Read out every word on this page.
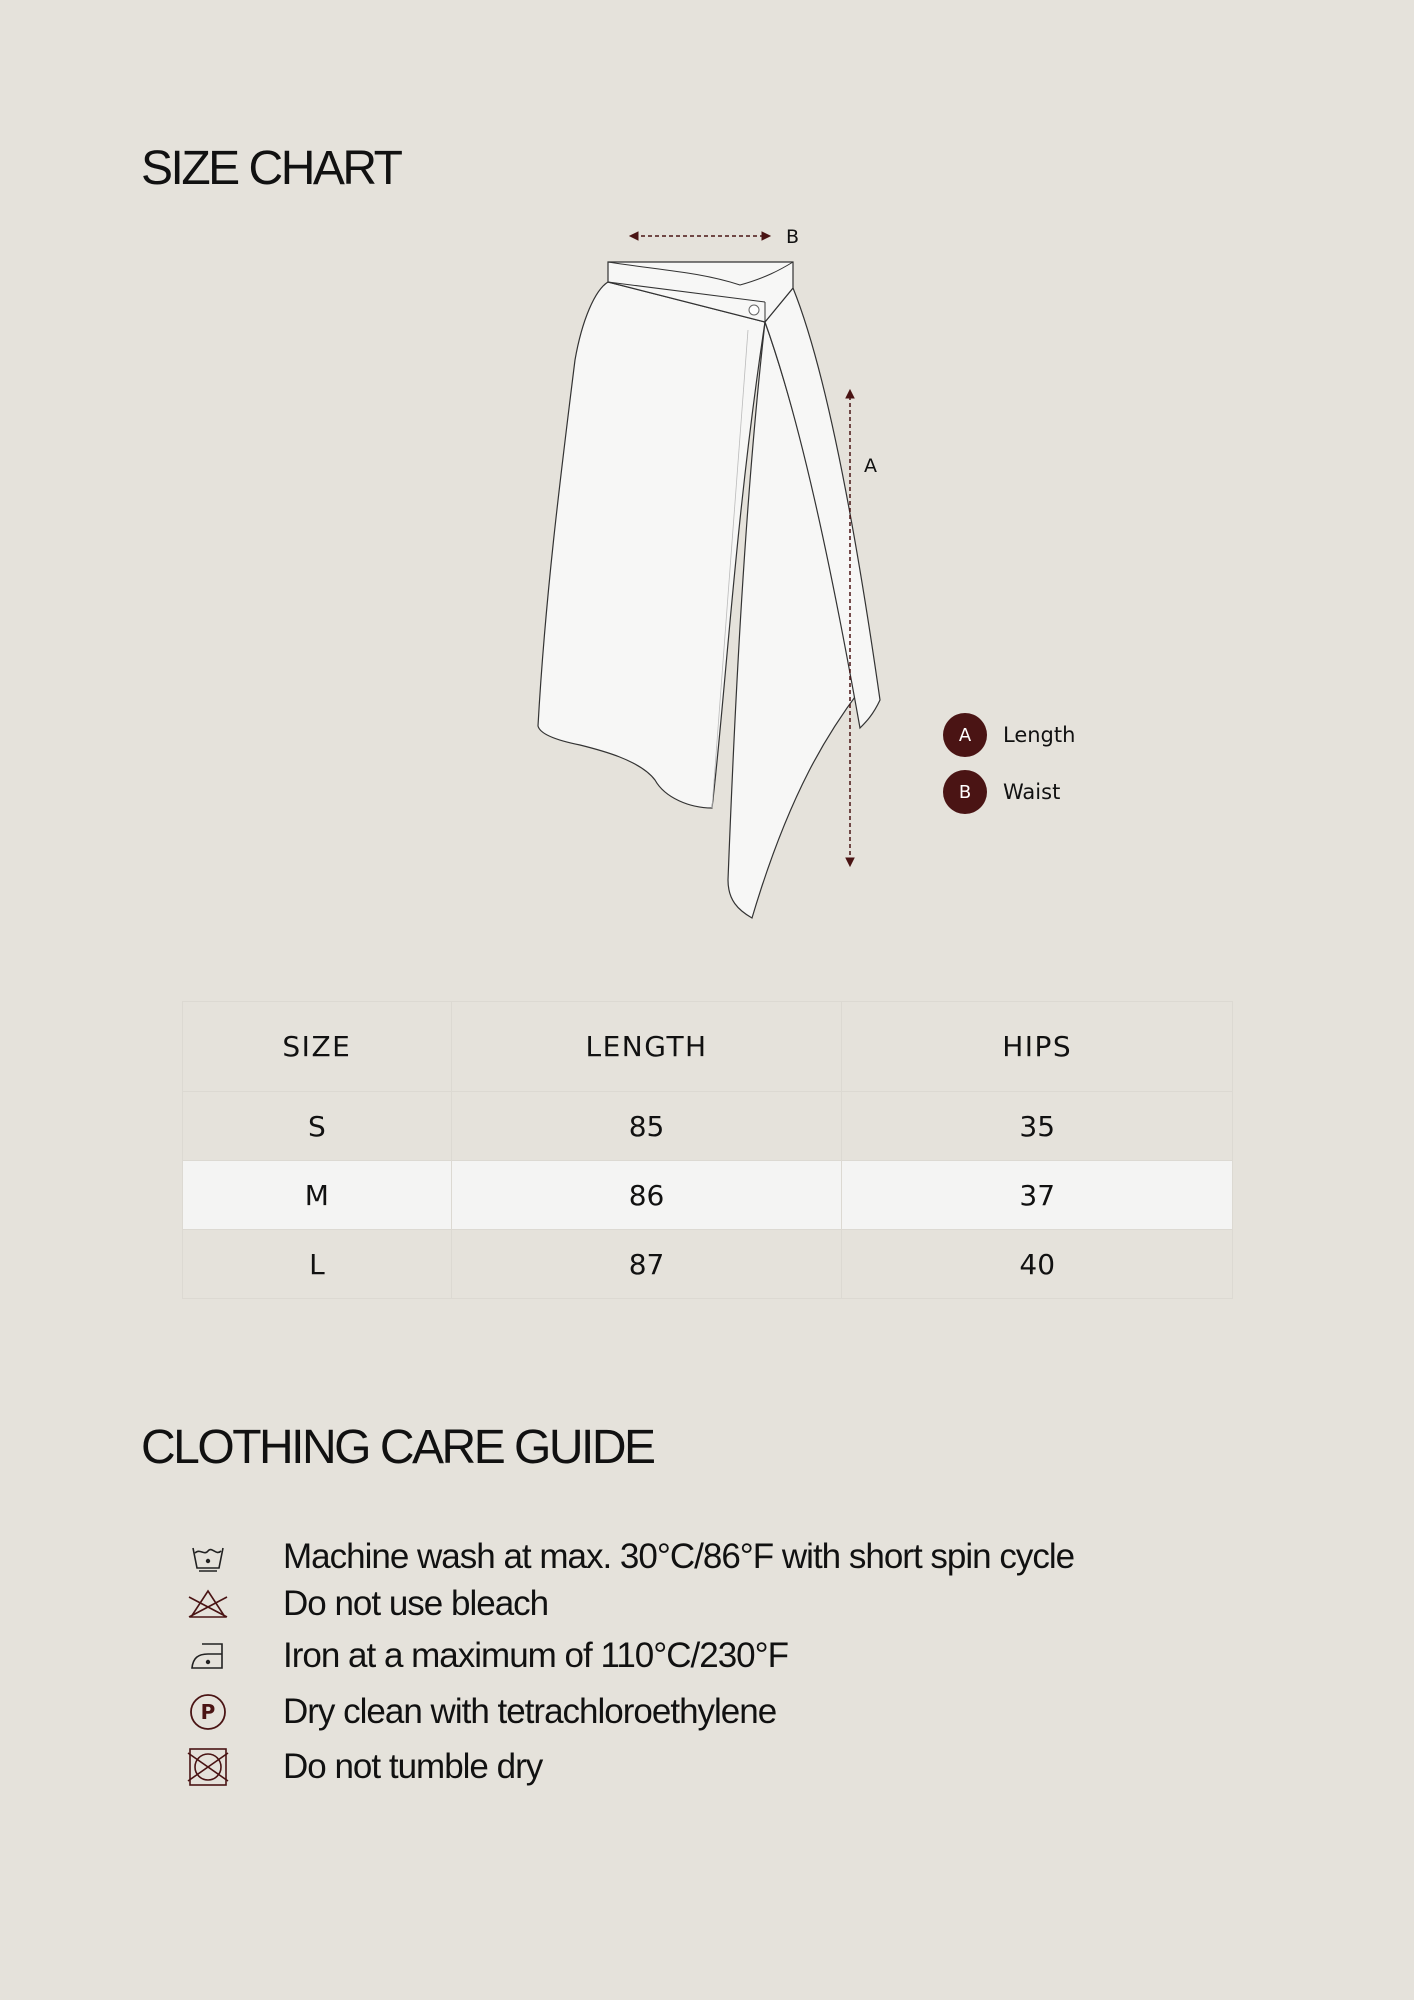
SIZE CHART
B
A
A	Length
B	Waist
SIZE	LENGTH	HIPS
S	85	35
M	86	37
L	87	40
CLOTHING CARE GUIDE
Machine wash at max. 30°C/86°F with short spin cycle
Do not use bleach
Iron at a maximum of 110°C/230°F
P Dry clean with tetrachloroethylene
Do not tumble dry
